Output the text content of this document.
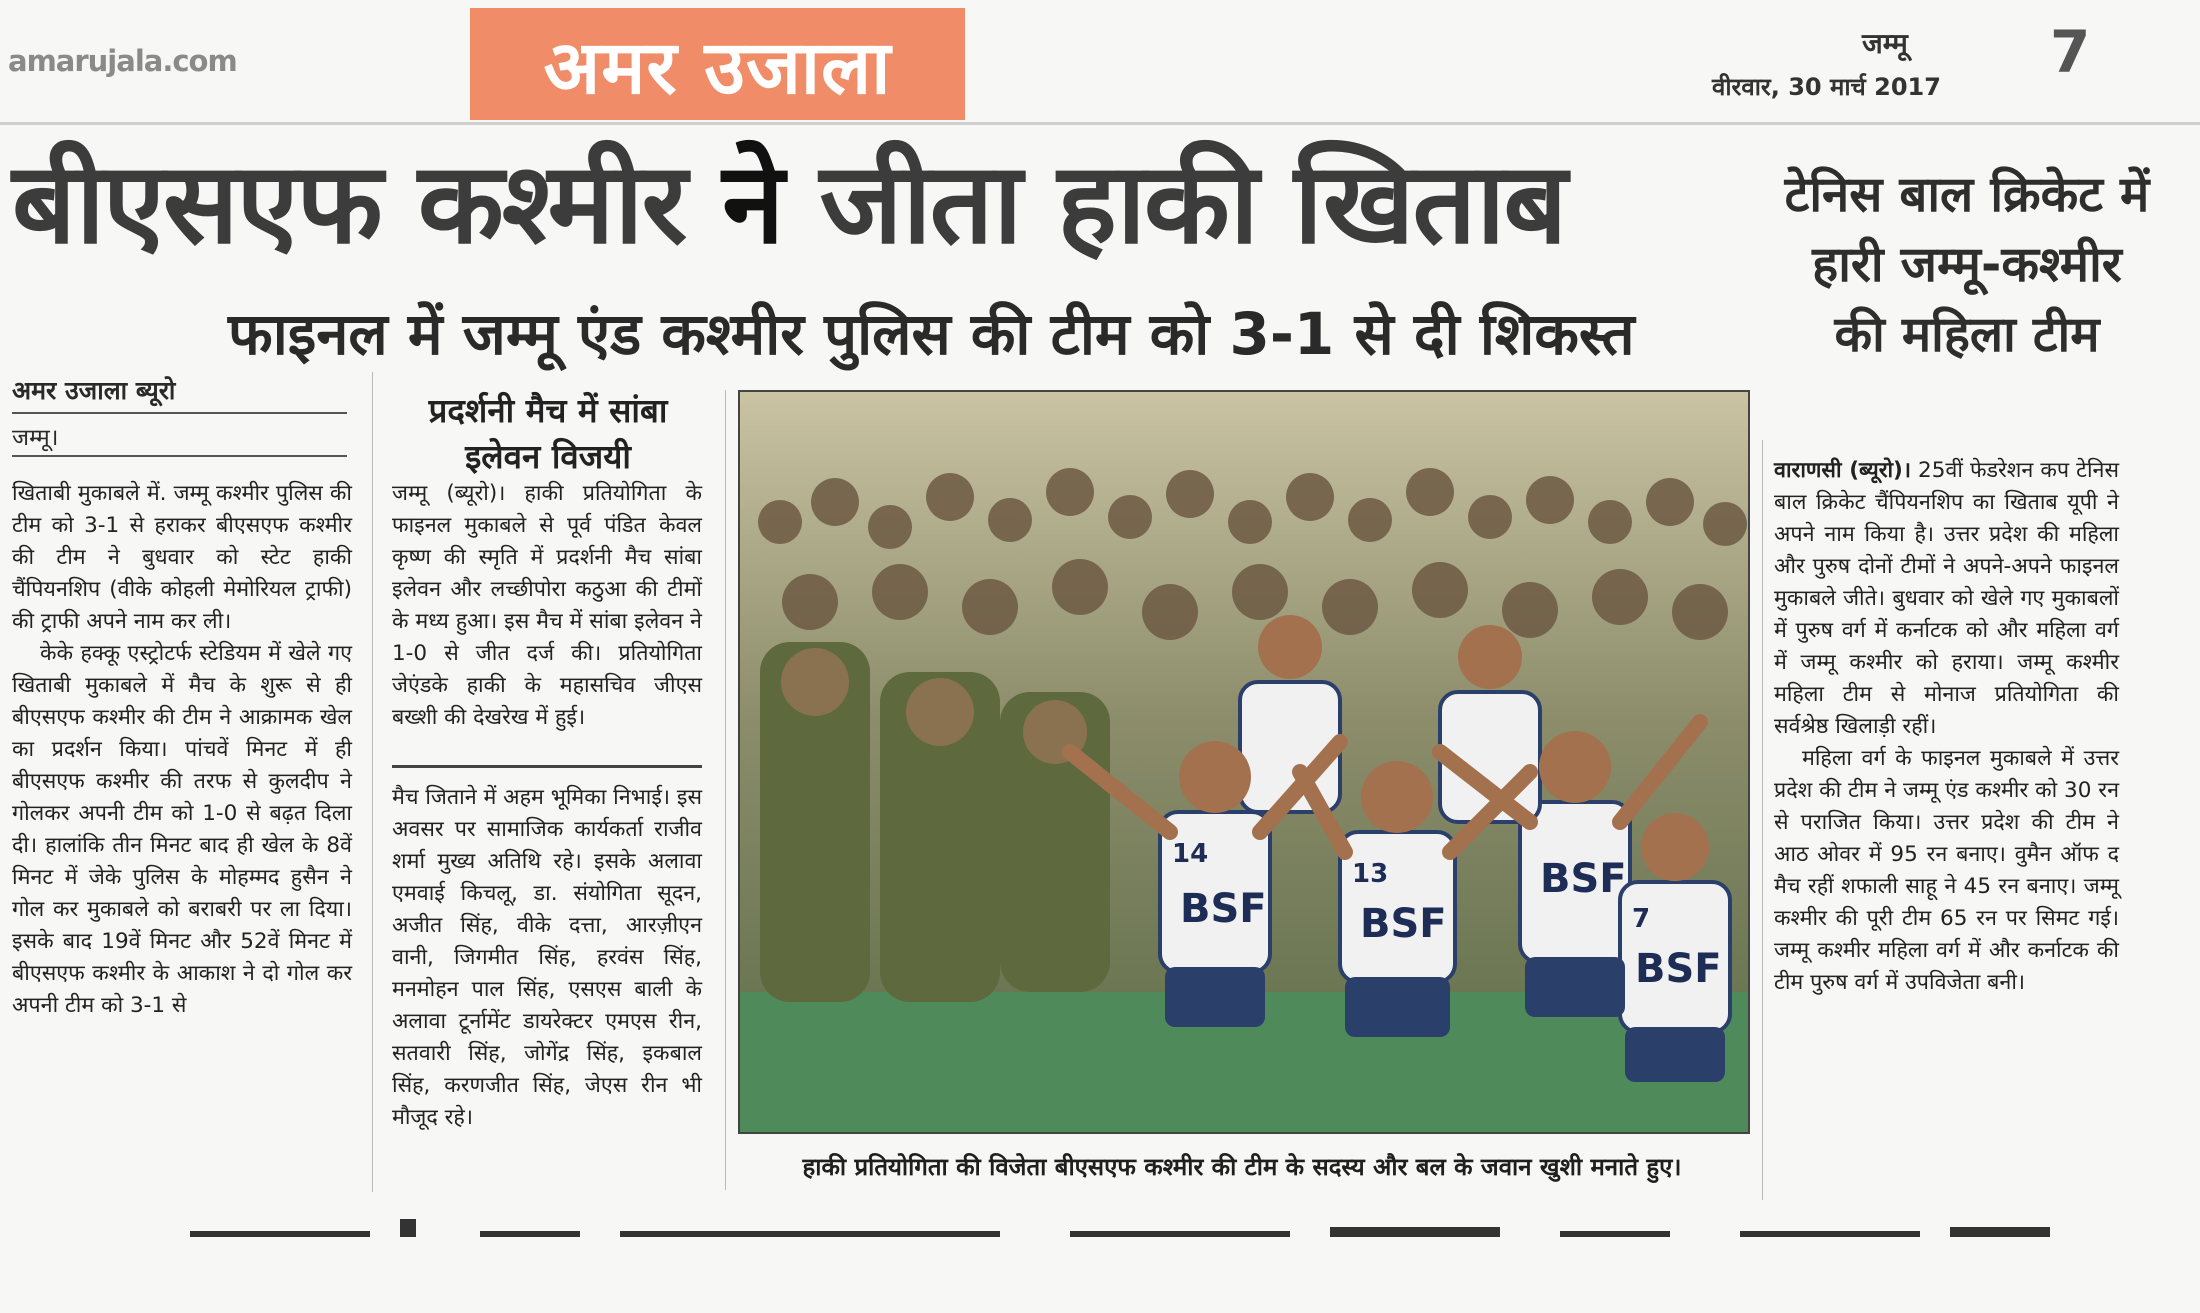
amarujala.com	अमर उजाला	जम्मू
वीरवार, 30 मार्च 2017
7
बीएसएफ कश्मीर ने जीता हाकी खिताब
फाइनल में जम्मू एंड कश्मीर पुलिस की टीम को 3-1 से दी शिकस्त
टेनिस बाल क्रिकेट में हारी जम्मू-कश्मीर की महिला टीम
अमर उजाला ब्यूरो
जम्मू।

खिताबी मुकाबले में. जम्मू कश्मीर पुलिस की टीम को 3-1 से हराकर बीएसएफ कश्मीर की टीम ने बुधवार को स्टेट हाकी चैंपियनशिप (वीके कोहली मेमोरियल ट्राफी) की ट्राफी अपने नाम कर ली।

केके हक्कू एस्ट्रोटर्फ स्टेडियम में खेले गए खिताबी मुकाबले में मैच के शुरू से ही बीएसएफ कश्मीर की टीम ने आक्रामक खेल का प्रदर्शन किया। पांचवें मिनट में ही बीएसएफ कश्मीर की तरफ से कुलदीप ने गोलकर अपनी टीम को 1-0 से बढ़त दिला दी। हालांकि तीन मिनट बाद ही खेल के 8वें मिनट में जेके पुलिस के मोहम्मद हुसैन ने गोल कर मुकाबले को बराबरी पर ला दिया। इसके बाद 19वें मिनट और 52वें मिनट में बीएसएफ कश्मीर के आकाश ने दो गोल कर अपनी टीम को 3-1 से

प्रदर्शनी मैच में सांबा इलेवन विजयी
जम्मू (ब्यूरो)। हाकी प्रतियोगिता के फाइनल मुकाबले से पूर्व पंडित केवल कृष्ण की स्मृति में प्रदर्शनी मैच सांबा इलेवन और लच्छीपोरा कठुआ की टीमों के मध्य हुआ। इस मैच में सांबा इलेवन ने 1-0 से जीत दर्ज की। प्रतियोगिता जेएंडके हाकी के महासचिव जीएस बख्शी की देखरेख में हुई।
मैच जिताने में अहम भूमिका निभाई। इस अवसर पर सामाजिक कार्यकर्ता राजीव शर्मा मुख्य अतिथि रहे। इसके अलावा एमवाई किचलू, डा. संयोगिता सूदन, अजीत सिंह, वीके दत्ता, आरज़ीएन वानी, जिगमीत सिंह, हरवंस सिंह, मनमोहन पाल सिंह, एसएस बाली के अलावा टूर्नामेंट डायरेक्टर एमएस रीन, सतवारी सिंह, जोगेंद्र सिंह, इकबाल सिंह, करणजीत सिंह, जेएस रीन भी मौजूद रहे।
14
BSF
13
BSF
BSF
7
BSF
हाकी प्रतियोगिता की विजेता बीएसएफ कश्मीर की टीम के सदस्य और बल के जवान खुशी मनाते हुए।

वाराणसी (ब्यूरो)। 25वीं फेडरेशन कप टेनिस बाल क्रिकेट चैंपियनशिप का खिताब यूपी ने अपने नाम किया है। उत्तर प्रदेश की महिला और पुरुष दोनों टीमों ने अपने-अपने फाइनल मुकाबले जीते। बुधवार को खेले गए मुकाबलों में पुरुष वर्ग में कर्नाटक को और महिला वर्ग में जम्मू कश्मीर को हराया। जम्मू कश्मीर महिला टीम से मोनाज प्रतियोगिता की सर्वश्रेष्ठ खिलाड़ी रहीं।

महिला वर्ग के फाइनल मुकाबले में उत्तर प्रदेश की टीम ने जम्मू एंड कश्मीर को 30 रन से पराजित किया। उत्तर प्रदेश की टीम ने आठ ओवर में 95 रन बनाए। वुमैन ऑफ द मैच रहीं शफाली साहू ने 45 रन बनाए। जम्मू कश्मीर की पूरी टीम 65 रन पर सिमट गई। जम्मू कश्मीर महिला वर्ग में और कर्नाटक की टीम पुरुष वर्ग में उपविजेता बनी।
